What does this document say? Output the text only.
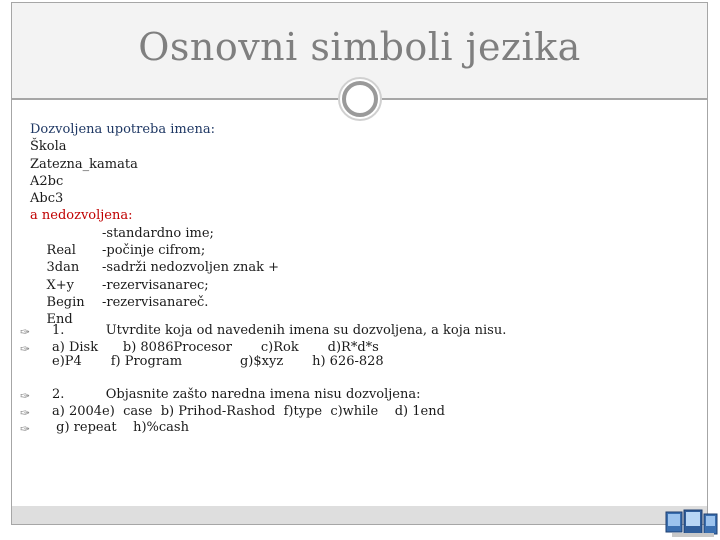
Osnovni simboli jezika
Dozvoljena upotreba imena:
Škola
Zatezna_kamata
A2bc
Abc3
a nedozvoljena:

Real

-standardno ime;

3dan

-počinje cifrom;

X+y

-sadrži nedozvoljen znak +

Begin

-rezervisanarec;

End

-rezervisanareč.

✑

1.          Utvrdite koja od navedenih imena su dozvoljena, a koja nisu.

✑

a) Disk      b) 8086Procesor       c)Rok       d)R*d*s

e)P4       f) Program              g)$xyz       h) 626-828

✑

2.          Objasnite zašto naredna imena nisu dozvoljena:

✑

a) 2004e)  case  b) Prihod-Rashod  f)type  c)while    d) 1end

✑

g) repeat    h)%cash
